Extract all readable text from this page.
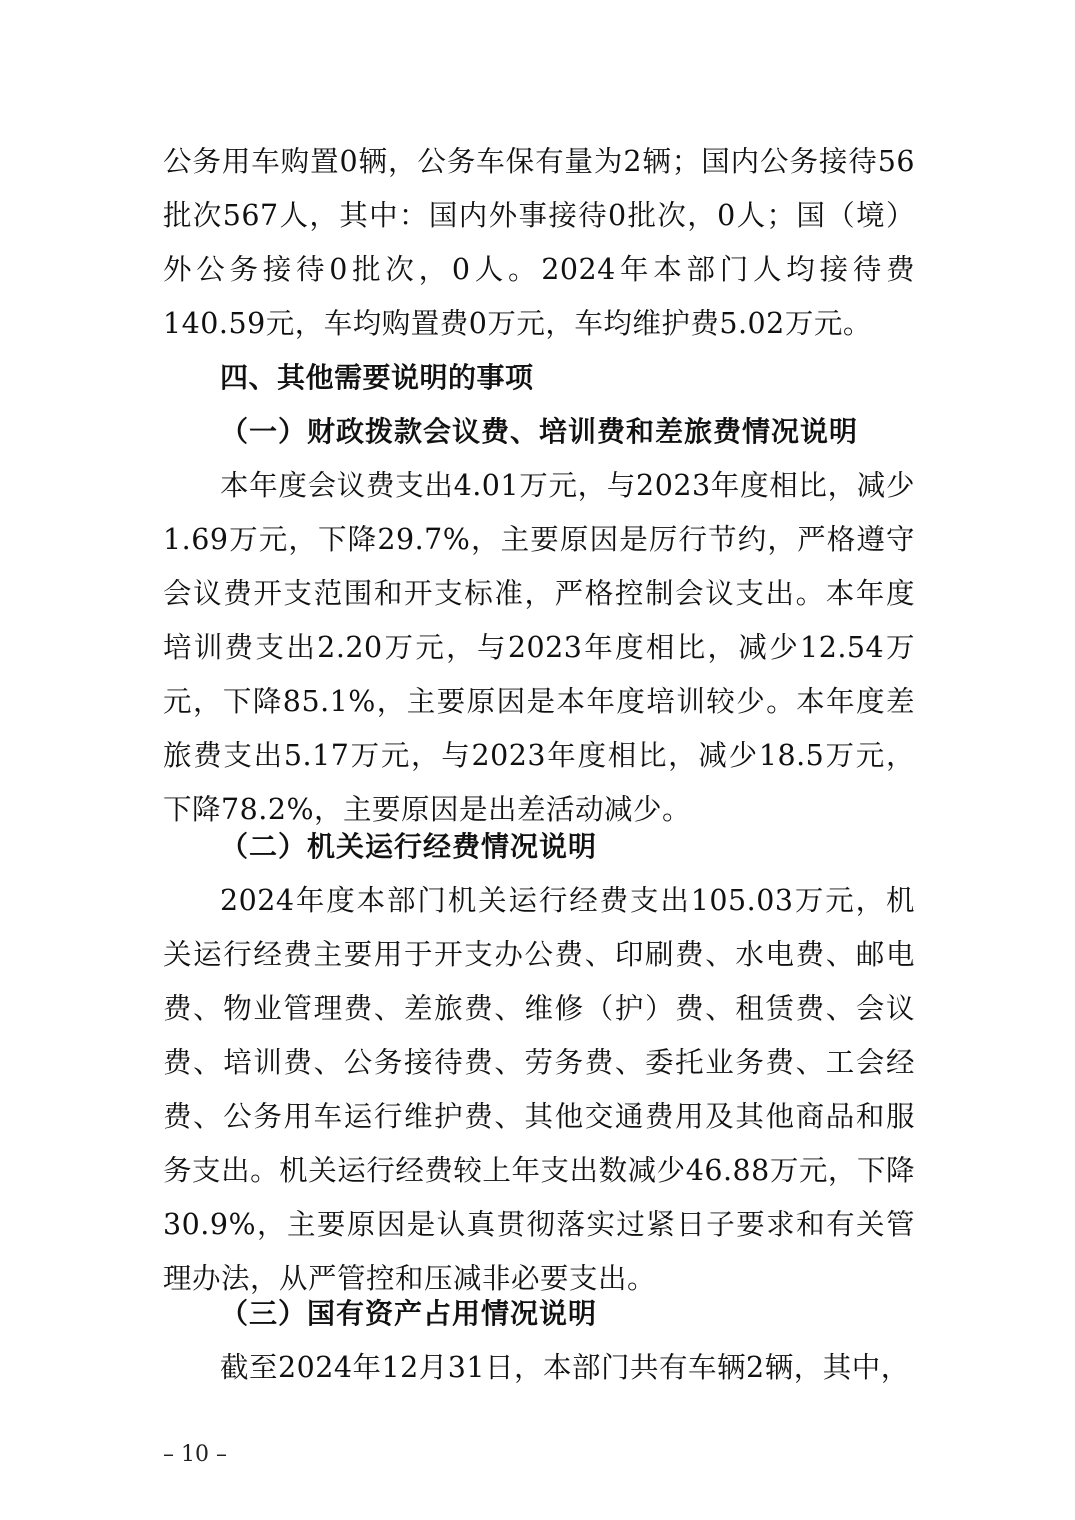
公务用车购置0辆，公务车保有量为2辆；国内公务接待56批次567人，其中：国内外事接待0批次，0人；国（境）外公务接待0批次，0人。2024年本部门人均接待费140.59元，车均购置费0万元，车均维护费5.02万元。

四、其他需要说明的事项
（一）财政拨款会议费、培训费和差旅费情况说明

本年度会议费支出4.01万元，与2023年度相比，减少1.69万元，下降29.7%，主要原因是厉行节约，严格遵守会议费开支范围和开支标准，严格控制会议支出。本年度培训费支出2.20万元，与2023年度相比，减少12.54万元，下降85.1%，主要原因是本年度培训较少。本年度差旅费支出5.17万元，与2023年度相比，减少18.5万元，下降78.2%，主要原因是出差活动减少。

（二）机关运行经费情况说明

2024年度本部门机关运行经费支出105.03万元，机关运行经费主要用于开支办公费、印刷费、水电费、邮电费、物业管理费、差旅费、维修（护）费、租赁费、会议费、培训费、公务接待费、劳务费、委托业务费、工会经费、公务用车运行维护费、其他交通费用及其他商品和服务支出。机关运行经费较上年支出数减少46.88万元，下降30.9%，主要原因是认真贯彻落实过紧日子要求和有关管理办法，从严管控和压减非必要支出。

（三）国有资产占用情况说明

截至2024年12月31日，本部门共有车辆2辆，其中，

– 10 –
